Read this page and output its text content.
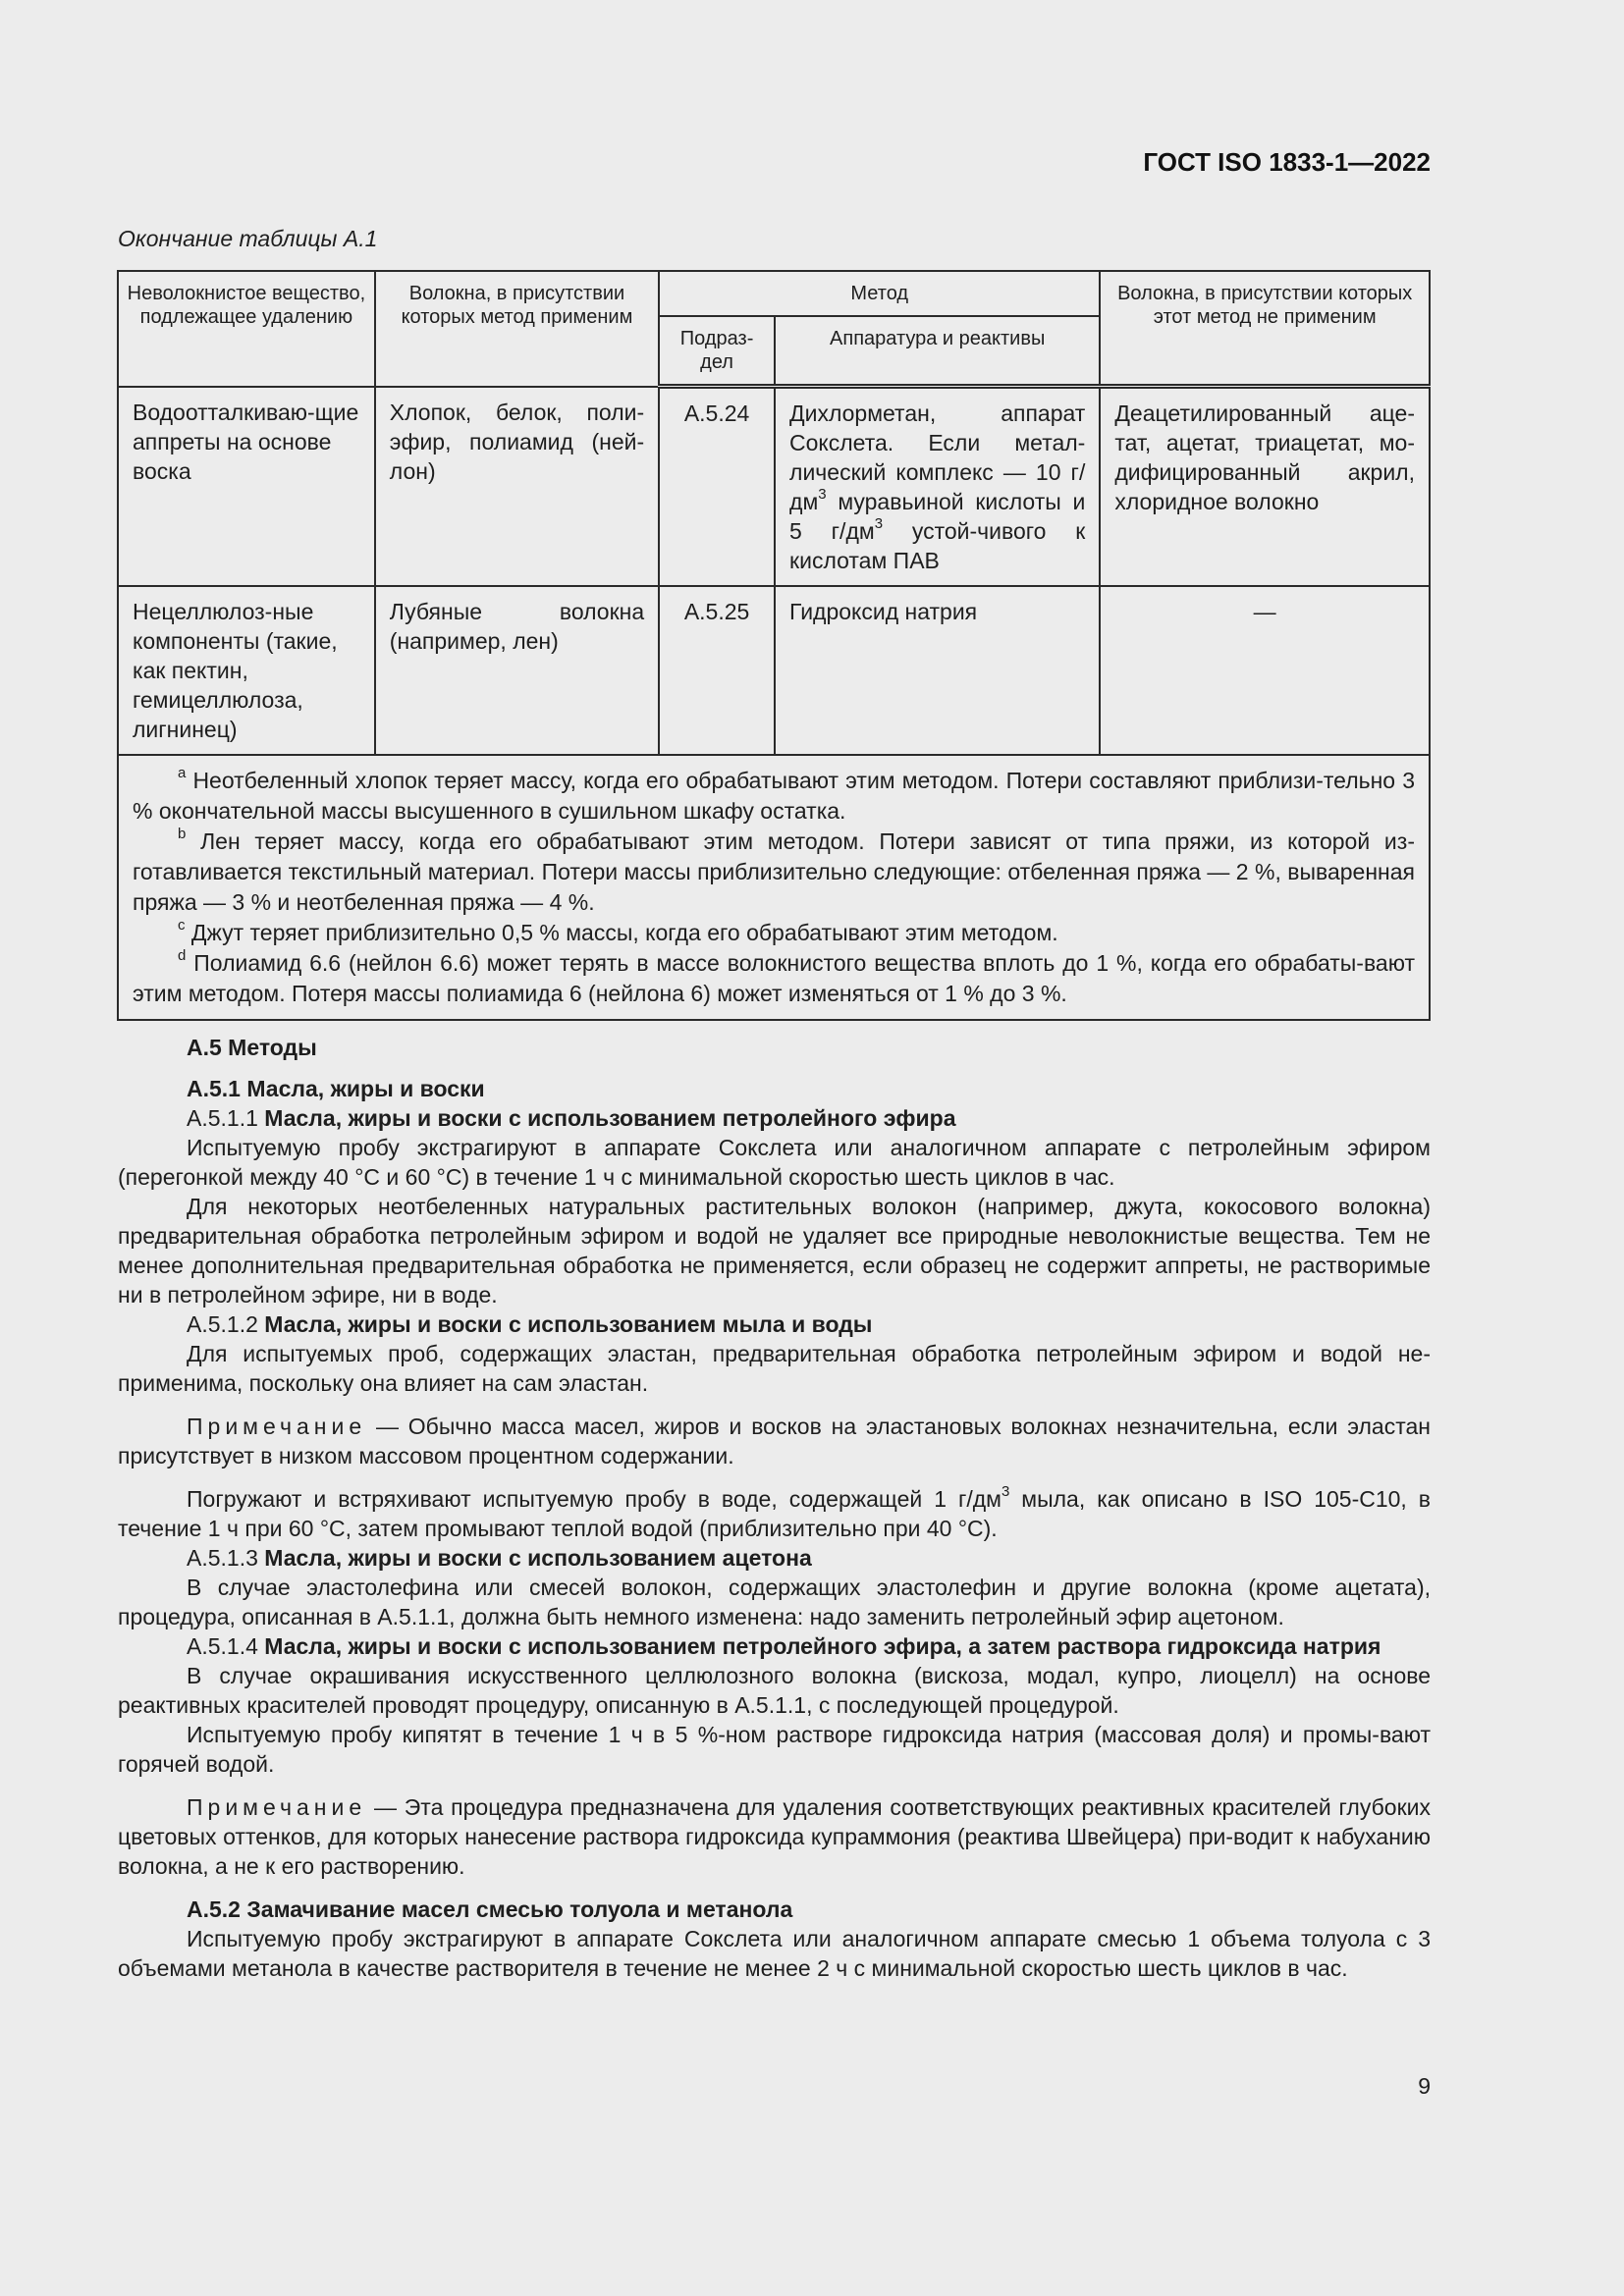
ГОСТ ISO 1833-1—2022
Окончание таблицы А.1
Неволокнистое вещество, подлежащее удалению	Волокна, в присутствии которых метод применим	Метод		Волокна, в присутствии которых этот метод не применим
		Подраз-дел	Аппаратура и реактивы	
Водоотталкиваю-щие аппреты на основе воска	Хлопок, белок, поли-эфир, полиамид (ней-лон)	А.5.24	Дихлорметан, аппарат Сокслета. Если метал-лический комплекс — 10 $г/дм^3$ муравьиной кислоты и 5 $г/дм^3$ устой-чивого к кислотам ПАВ	Деацетилированный аце-тат, ацетат, триацетат, мо-дифицированный акрил, хлоридное волокно
Нецеллюлоз-ные компоненты (такие, как пектин, гемицеллюлоза, лигнинец)	Лубяные волокна (например, лен)	А.5.25	Гидроксид натрия	—

$^a$ Неотбеленный хлопок теряет массу, когда его обрабатывают этим методом. Потери составляют приблизи-тельно 3 % окончательной массы высушенного в сушильном шкафу остатка.
$^b$ Лен теряет массу, когда его обрабатывают этим методом. Потери зависят от типа пряжи, из которой из-готавливается текстильный материал. Потери массы приблизительно следующие: отбеленная пряжа — 2 %, вываренная пряжа — 3 % и неотбеленная пряжа — 4 %.
$^c$ Джут теряет приблизительно 0,5 % массы, когда его обрабатывают этим методом.
$^d$ Полиамид 6.6 (нейлон 6.6) может терять в массе волокнистого вещества вплоть до 1 %, когда его обрабаты-вают этим методом. Потеря массы полиамида 6 (нейлона 6) может изменяться от 1 % до 3 %.				

А.5 Методы

А.5.1 Масла, жиры и воски

А.5.1.1 Масла, жиры и воски с использованием петролейного эфира

Испытуемую пробу экстрагируют в аппарате Сокслета или аналогичном аппарате с петролейным эфиром (перегонкой между 40 °С и 60 °С) в течение 1 ч с минимальной скоростью шесть циклов в час.

Для некоторых неотбеленных натуральных растительных волокон (например, джута, кокосового волокна) предварительная обработка петролейным эфиром и водой не удаляет все природные неволокнистые вещества. Тем не менее дополнительная предварительная обработка не применяется, если образец не содержит аппреты, не растворимые ни в петролейном эфире, ни в воде.

А.5.1.2 Масла, жиры и воски с использованием мыла и воды

Для испытуемых проб, содержащих эластан, предварительная обработка петролейным эфиром и водой не-применима, поскольку она влияет на сам эластан.

Примечание — Обычно масса масел, жиров и восков на эластановых волокнах незначительна, если эластан присутствует в низком массовом процентном содержании.

Погружают и встряхивают испытуемую пробу в воде, содержащей 1 $г/дм^3$ мыла, как описано в ISO 105-C10, в течение 1 ч при 60 °С, затем промывают теплой водой (приблизительно при 40 °С).

А.5.1.3 Масла, жиры и воски с использованием ацетона

В случае эластолефина или смесей волокон, содержащих эластолефин и другие волокна (кроме ацетата), процедура, описанная в А.5.1.1, должна быть немного изменена: надо заменить петролейный эфир ацетоном.

А.5.1.4 Масла, жиры и воски с использованием петролейного эфира, а затем раствора гидроксида натрия

В случае окрашивания искусственного целлюлозного волокна (вискоза, модал, купро, лиоцелл) на основе реактивных красителей проводят процедуру, описанную в А.5.1.1, с последующей процедурой.

Испытуемую пробу кипятят в течение 1 ч в 5 %-ном растворе гидроксида натрия (массовая доля) и промы-вают горячей водой.

Примечание — Эта процедура предназначена для удаления соответствующих реактивных красителей глубоких цветовых оттенков, для которых нанесение раствора гидроксида купраммония (реактива Швейцера) при-водит к набуханию волокна, а не к его растворению.

А.5.2 Замачивание масел смесью толуола и метанола

Испытуемую пробу экстрагируют в аппарате Сокслета или аналогичном аппарате смесью 1 объема толуола с 3 объемами метанола в качестве растворителя в течение не менее 2 ч с минимальной скоростью шесть циклов в час.

9
